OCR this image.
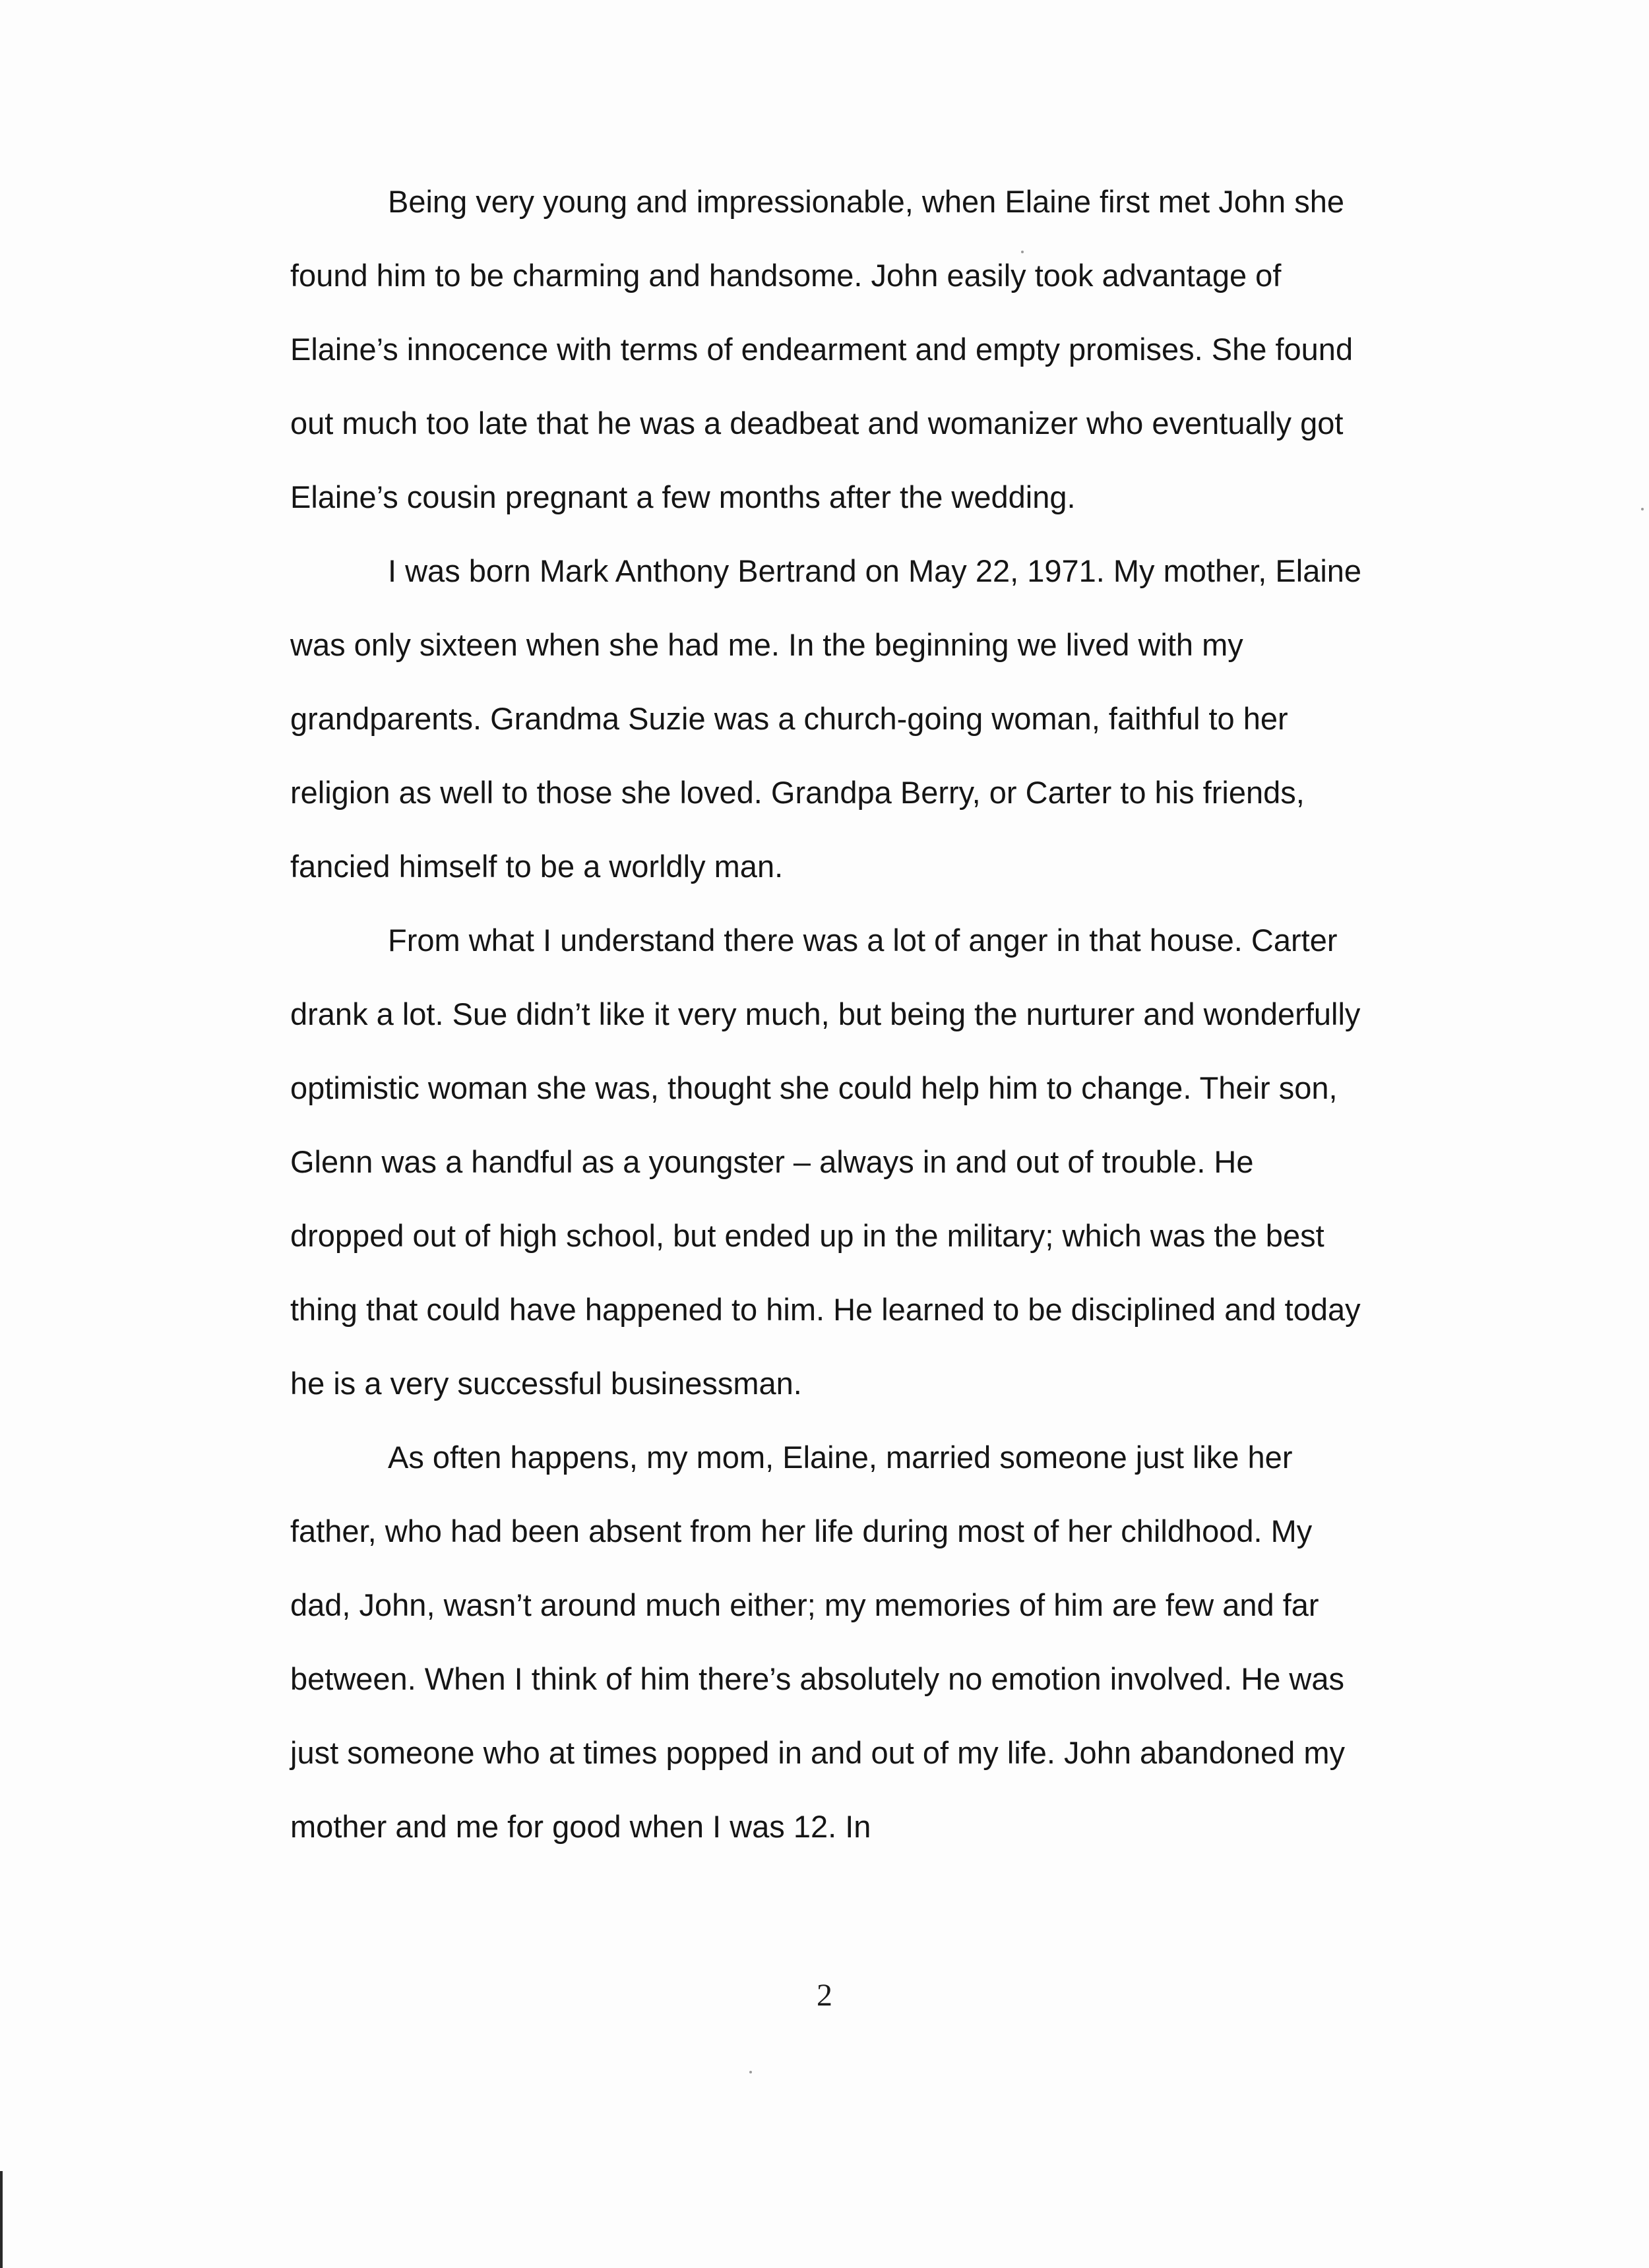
Being very young and impressionable, when Elaine first met John she found him to be charming and handsome. John easily took advantage of Elaine’s innocence with terms of endearment and empty promises. She found out much too late that he was a deadbeat and womanizer who eventually got Elaine’s cousin pregnant a few months after the wedding.

I was born Mark Anthony Bertrand on May 22, 1971. My mother, Elaine was only sixteen when she had me. In the beginning we lived with my grandparents. Grandma Suzie was a church-going woman, faithful to her religion as well to those she loved. Grandpa Berry, or Carter to his friends, fancied himself to be a worldly man.

From what I understand there was a lot of anger in that house. Carter drank a lot. Sue didn’t like it very much, but being the nurturer and wonderfully optimistic woman she was, thought she could help him to change. Their son, Glenn was a handful as a youngster – always in and out of trouble. He dropped out of high school, but ended up in the military; which was the best thing that could have happened to him. He learned to be disciplined and today he is a very successful businessman.

As often happens, my mom, Elaine, married someone just like her father, who had been absent from her life during most of her childhood. My dad, John, wasn’t around much either; my memories of him are few and far between. When I think of him there’s absolutely no emotion involved. He was just someone who at times popped in and out of my life. John abandoned my mother and me for good when I was 12. In

2
